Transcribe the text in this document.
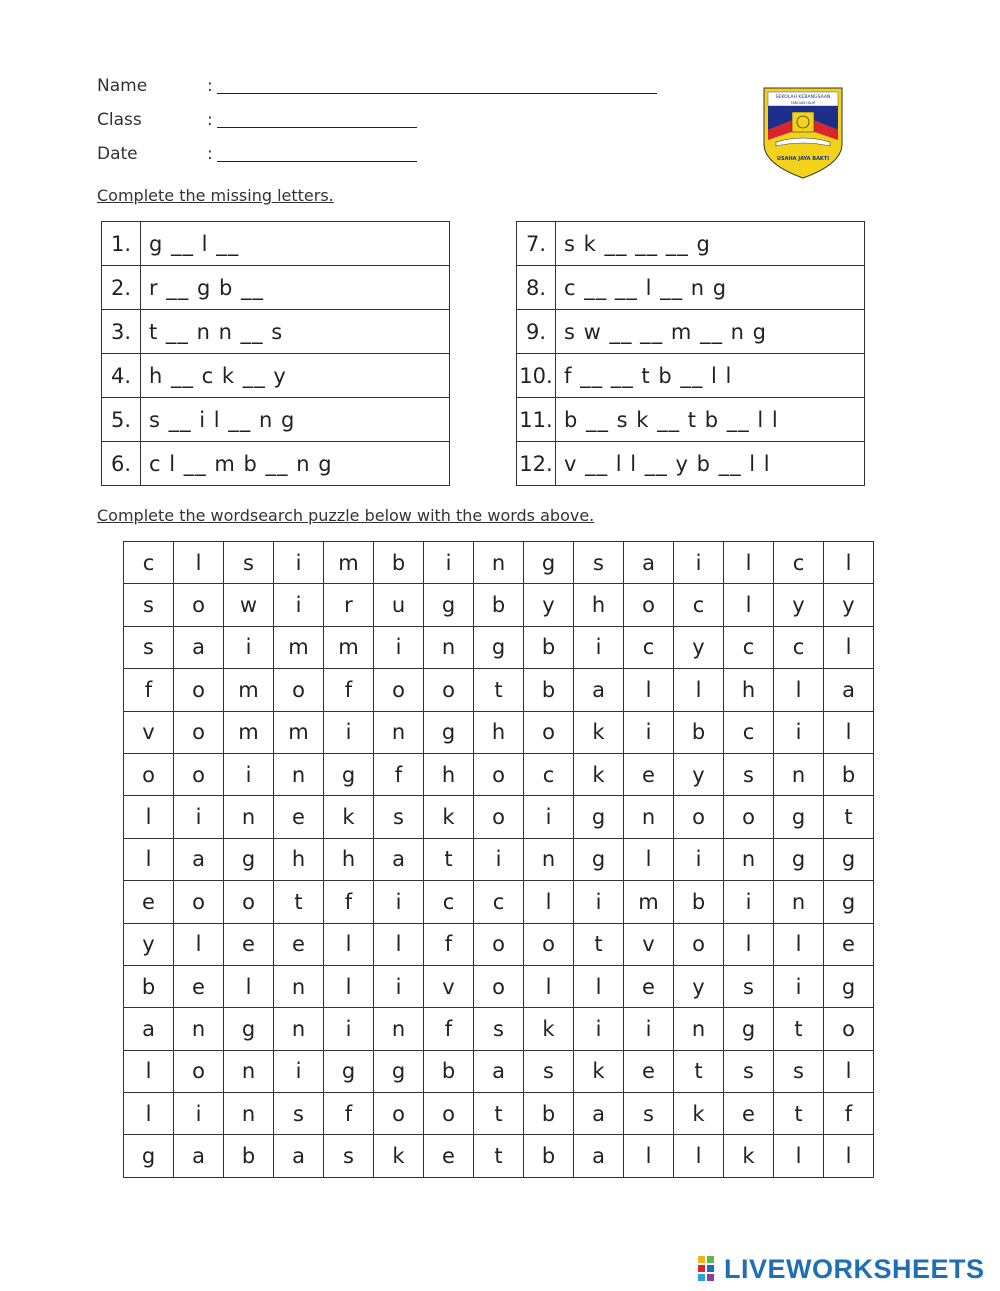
Name	:
Class	:
Date	:
SEKOLAH KEBANGSAAN
TARUAN HILIR
USAHA JAYA BAKTI
Complete the missing letters.
1.	g __ l __
2.	r __ g b __
3.	t __ n n __ s
4.	h __ c k __ y
5.	s __ i l __ n g
6.	c l __ m b __ n g
7.	s k __ __ __ g
8.	c __ __ l __ n g
9.	s w __ __ m __ n g
10.	f __ __ t b __ l l
11.	b __ s k __ t b __ l l
12.	v __ l l __ y b __ l l
Complete the wordsearch puzzle below with the words above.
c	l	s	i	m	b	i	n	g	s	a	i	l	c	l
s	o	w	i	r	u	g	b	y	h	o	c	l	y	y
s	a	i	m	m	i	n	g	b	i	c	y	c	c	l
f	o	m	o	f	o	o	t	b	a	l	l	h	l	a
v	o	m	m	i	n	g	h	o	k	i	b	c	i	l
o	o	i	n	g	f	h	o	c	k	e	y	s	n	b
l	i	n	e	k	s	k	o	i	g	n	o	o	g	t
l	a	g	h	h	a	t	i	n	g	l	i	n	g	g
e	o	o	t	f	i	c	c	l	i	m	b	i	n	g
y	l	e	e	l	l	f	o	o	t	v	o	l	l	e
b	e	l	n	l	i	v	o	l	l	e	y	s	i	g
a	n	g	n	i	n	f	s	k	i	i	n	g	t	o
l	o	n	i	g	g	b	a	s	k	e	t	s	s	l
l	i	n	s	f	o	o	t	b	a	s	k	e	t	f
g	a	b	a	s	k	e	t	b	a	l	l	k	l	l
LIVEWORKSHEETS
